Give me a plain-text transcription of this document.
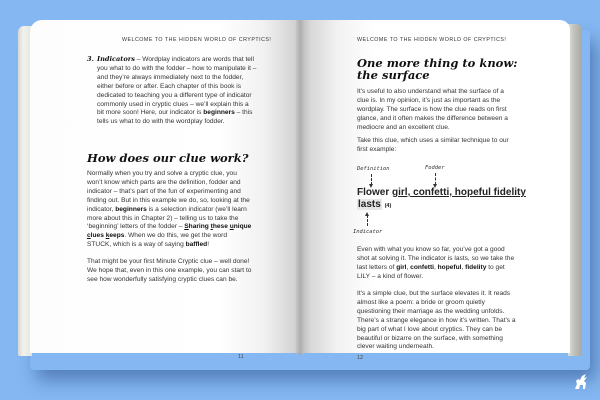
WELCOME TO THE HIDDEN WORLD OF CRYPTICS!
3. Indicators – Wordplay indicators are words that tell you what to do with the fodder – how to manipulate it – and they’re always immediately next to the fodder, either before or after. Each chapter of this book is dedicated to teaching you a different type of indicator commonly used in cryptic clues – we’ll explain this a bit more soon! Here, our indicator is beginners – this tells us what to do with the wordplay fodder.
How does our clue work?
Normally when you try and solve a cryptic clue, you won’t know which parts are the definition, fodder and indicator – that’s part of the fun of experimenting and finding out. But in this example we do, so, looking at the indicator, beginners is a selection indicator (we’ll learn more about this in Chapter 2) – telling us to take the ‘beginning’ letters of the fodder – Sharing these unique clues keeps. When we do this, we get the word STUCK, which is a way of saying baffled!
That might be your first Minute Cryptic clue – well done! We hope that, even in this one example, you can start to see how wonderfully satisfying cryptic clues can be.
11
WELCOME TO THE HIDDEN WORLD OF CRYPTICS!
One more thing to know:
the surface
It’s useful to also understand what the surface of a clue is. In my opinion, it’s just as important as the wordplay. The surface is how the clue reads on first glance, and it often makes the difference between a mediocre and an excellent clue.
Take this clue, which uses a similar technique to our first example:
Definition	Fodder
Flower girl, confetti, hopeful fidelity
lasts (4)
Indicator
Even with what you know so far, you’ve got a good shot at solving it. The indicator is lasts, so we take the last letters of girl, confetti, hopeful, fidelity to get LILY – a kind of flower.
It’s a simple clue, but the surface elevates it. It reads almost like a poem: a bride or groom quietly questioning their marriage as the wedding unfolds. There’s a strange elegance in how it’s written. That’s a big part of what I love about cryptics. They can be beautiful or bizarre on the surface, with something clever waiting underneath.
12
